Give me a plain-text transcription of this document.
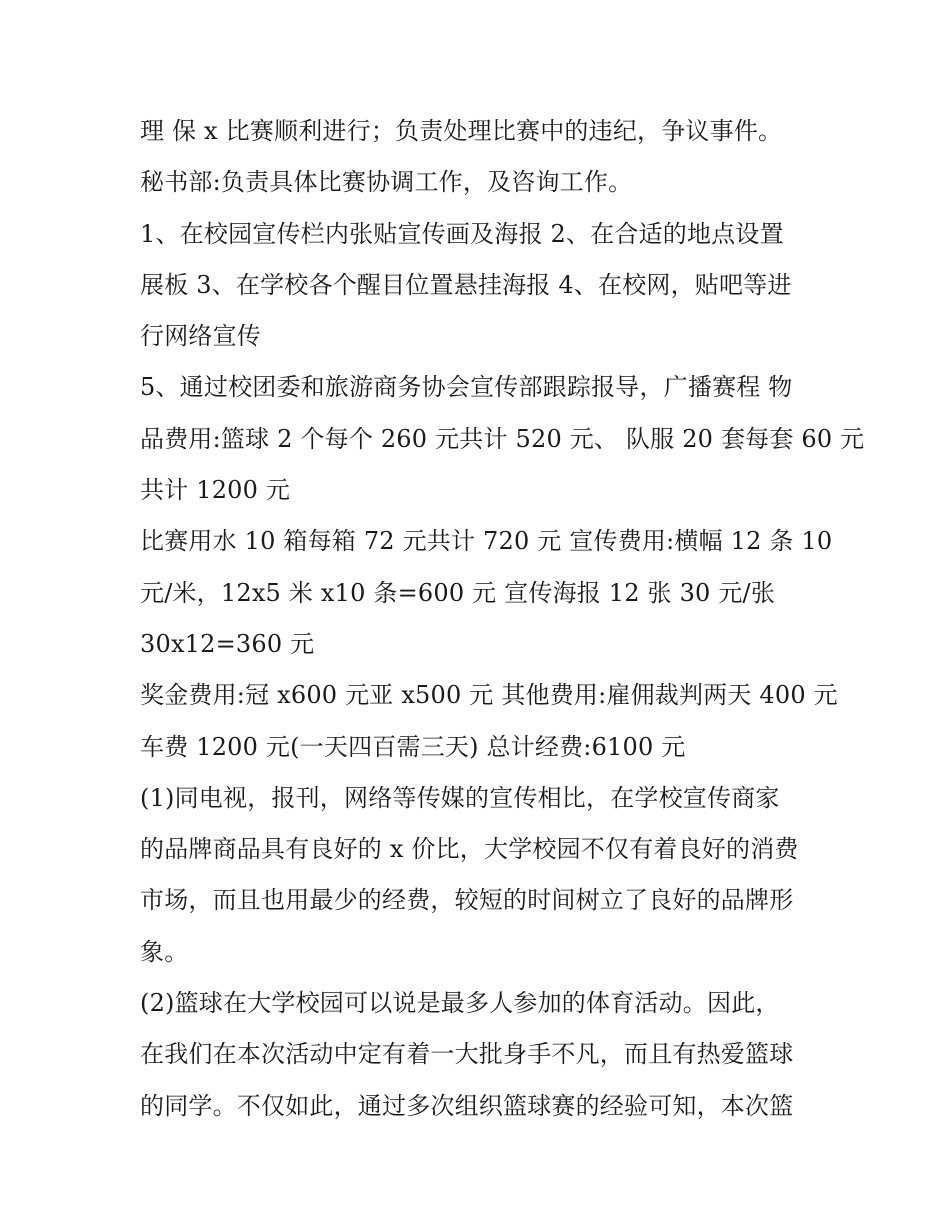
理 保 x 比赛顺利进行；负责处理比赛中的违纪，争议事件。
秘书部:负责具体比赛协调工作，及咨询工作。
1、在校园宣传栏内张贴宣传画及海报 2、在合适的地点设置
展板 3、在学校各个醒目位置悬挂海报 4、在校网，贴吧等进
行网络宣传
5、通过校团委和旅游商务协会宣传部跟踪报导，广播赛程 物
品费用:篮球 2 个每个 260 元共计 520 元、 队服 20 套每套 60 元
共计 1200 元
比赛用水 10 箱每箱 72 元共计 720 元 宣传费用:横幅 12 条 10
元/米，12x5 米 x10 条=600 元 宣传海报 12 张 30 元/张
30x12=360 元
奖金费用:冠 x600 元亚 x500 元 其他费用:雇佣裁判两天 400 元
车费 1200 元(一天四百需三天) 总计经费:6100 元
(1)同电视，报刊，网络等传媒的宣传相比，在学校宣传商家
的品牌商品具有良好的 x 价比，大学校园不仅有着良好的消费
市场，而且也用最少的经费，较短的时间树立了良好的品牌形
象。
(2)篮球在大学校园可以说是最多人参加的体育活动。因此，
在我们在本次活动中定有着一大批身手不凡，而且有热爱篮球
的同学。不仅如此，通过多次组织篮球赛的经验可知，本次篮
